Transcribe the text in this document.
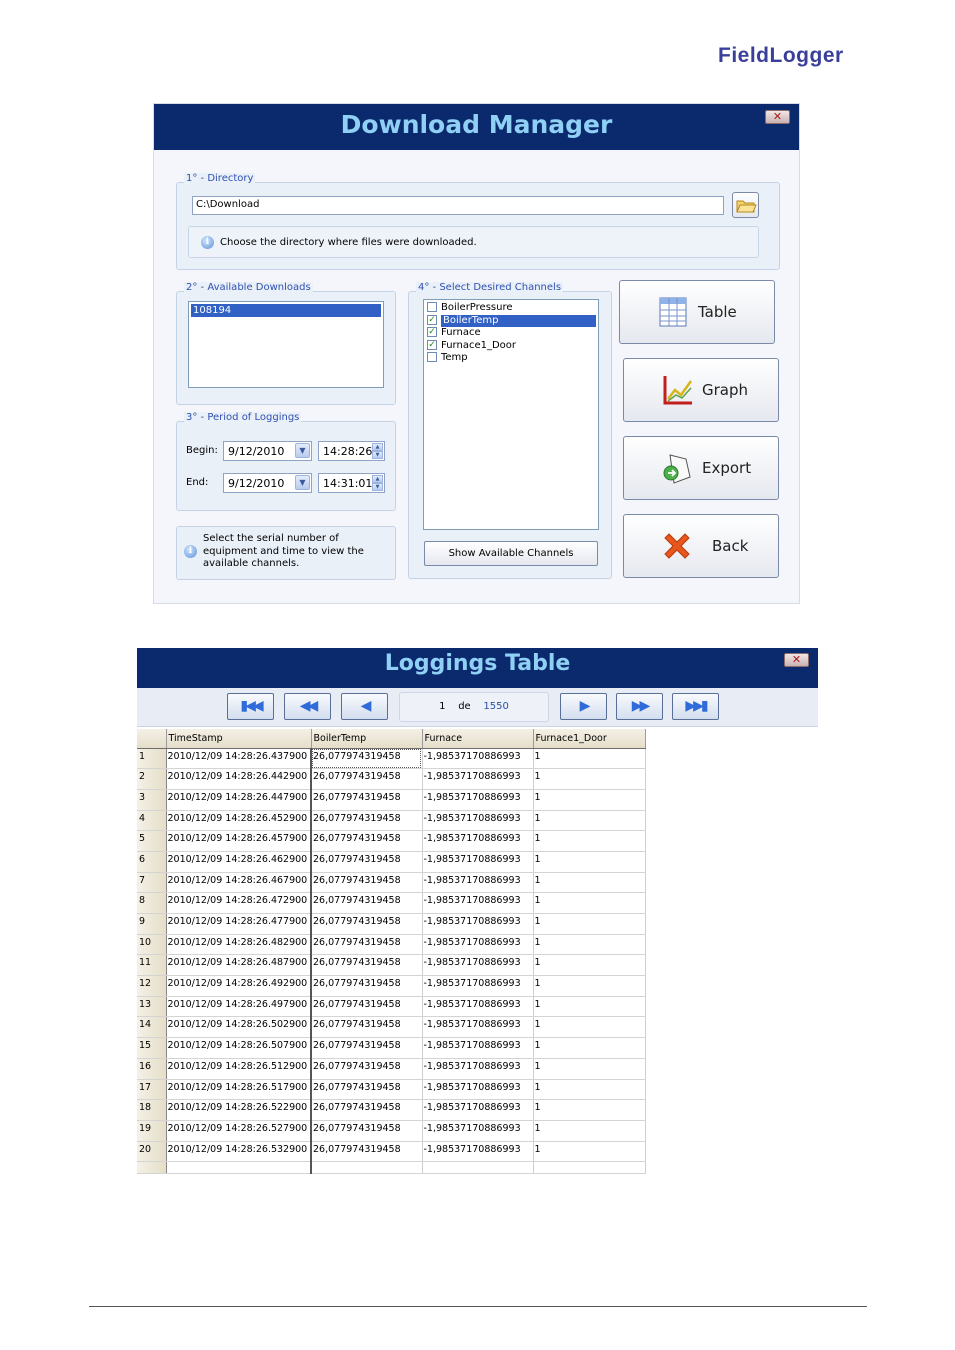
FieldLogger
Download Manager	✕
1° - Directory
C:\Download
i	Choose the directory where files were downloaded.
2° - Available Downloads
108194
3° - Period of Loggings
Begin: 9/12/2010	▼	14:28:26 ▲
▼
End:	9/12/2010	▼	14:31:01 ▲
▼
i
Select the serial number of equipment and time to view the available channels.
4° - Select Desired Channels
BoilerPressure
✓ BoilerTemp
✓ Furnace
✓ Furnace1_Door
Temp
Show Available Channels
Table
Graph
Export
Back
Loggings Table	✕
▮◀◀	◀◀	◀	1 de 1550	▶	▶▶	▶▶▮
	TimeStamp	BoilerTemp	Furnace	Furnace1_Door
1	2010/12/09 14:28:26.437900	26,077974319458	-1,98537170886993	1
2	2010/12/09 14:28:26.442900	26,077974319458	-1,98537170886993	1
3	2010/12/09 14:28:26.447900	26,077974319458	-1,98537170886993	1
4	2010/12/09 14:28:26.452900	26,077974319458	-1,98537170886993	1
5	2010/12/09 14:28:26.457900	26,077974319458	-1,98537170886993	1
6	2010/12/09 14:28:26.462900	26,077974319458	-1,98537170886993	1
7	2010/12/09 14:28:26.467900	26,077974319458	-1,98537170886993	1
8	2010/12/09 14:28:26.472900	26,077974319458	-1,98537170886993	1
9	2010/12/09 14:28:26.477900	26,077974319458	-1,98537170886993	1
10	2010/12/09 14:28:26.482900	26,077974319458	-1,98537170886993	1
11	2010/12/09 14:28:26.487900	26,077974319458	-1,98537170886993	1
12	2010/12/09 14:28:26.492900	26,077974319458	-1,98537170886993	1
13	2010/12/09 14:28:26.497900	26,077974319458	-1,98537170886993	1
14	2010/12/09 14:28:26.502900	26,077974319458	-1,98537170886993	1
15	2010/12/09 14:28:26.507900	26,077974319458	-1,98537170886993	1
16	2010/12/09 14:28:26.512900	26,077974319458	-1,98537170886993	1
17	2010/12/09 14:28:26.517900	26,077974319458	-1,98537170886993	1
18	2010/12/09 14:28:26.522900	26,077974319458	-1,98537170886993	1
19	2010/12/09 14:28:26.527900	26,077974319458	-1,98537170886993	1
20	2010/12/09 14:28:26.532900	26,077974319458	-1,98537170886993	1
